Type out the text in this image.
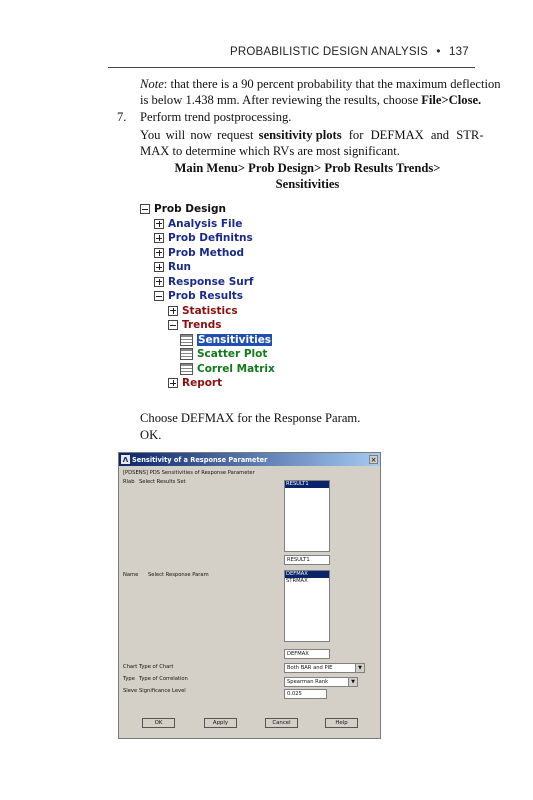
PROBABILISTIC DESIGN ANALYSIS • 137
Note: that there is a 90 percent probability that the maximum deflection
is below 1.438 mm. After reviewing the results, choose File>Close.
7. Perform trend postprocessing.
You will now request sensitivity plots for DEFMAX and STR-
MAX to determine which RVs are most significant.
Main Menu> Prob Design> Prob Results Trends>
Sensitivities
Prob Design
Analysis File
Prob Definitns
Prob Method
Run
Response Surf
Prob Results
Statistics
Trends
Sensitivities
Scatter Plot
Correl Matrix
Report
Choose DEFMAX for the Response Param.
OK.
Λ Sensitivity of a Response Parameter	×
[PDSENS] PDS Sensitivities of Response Parameter
Rlab Select Results Set	RESULT1
RESULT1
Name Select Response Param	DEFMAX
STRMAX
DEFMAX
Chart Type of Chart	Both BAR and PIE	▼
Type Type of Correlation	Spearman Rank	▼
Sleve Significance Level	0.025
OK	Apply	Cancel	Help
